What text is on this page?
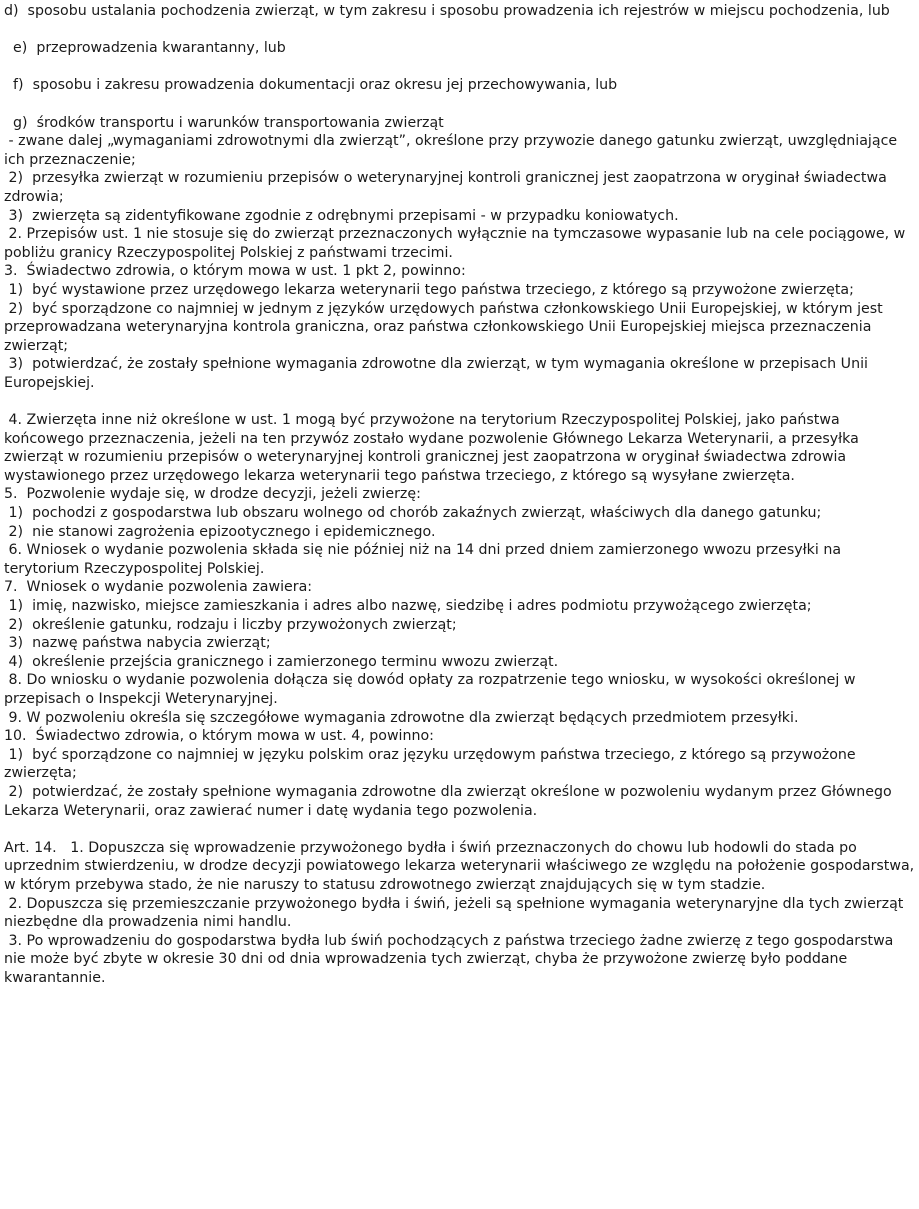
d)  sposobu ustalania pochodzenia zwierząt, w tym zakresu i sposobu prowadzenia ich rejestrów w miejscu pochodzenia, lub
e)  przeprowadzenia kwarantanny, lub
f)  sposobu i zakresu prowadzenia dokumentacji oraz okresu jej przechowywania, lub
g)  środków transportu i warunków transportowania zwierząt
- zwane dalej „wymaganiami zdrowotnymi dla zwierząt”, określone przy przywozie danego gatunku zwierząt, uwzględniające ich przeznaczenie;
2)  przesyłka zwierząt w rozumieniu przepisów o weterynaryjnej kontroli granicznej jest zaopatrzona w oryginał świadectwa zdrowia;
3)  zwierzęta są zidentyfikowane zgodnie z odrębnymi przepisami - w przypadku koniowatych.
2. Przepisów ust. 1 nie stosuje się do zwierząt przeznaczonych wyłącznie na tymczasowe wypasanie lub na cele pociągowe, w pobliżu granicy Rzeczypospolitej Polskiej z państwami trzecimi.
3.  Świadectwo zdrowia, o którym mowa w ust. 1 pkt 2, powinno:
1)  być wystawione przez urzędowego lekarza weterynarii tego państwa trzeciego, z którego są przywożone zwierzęta;
2)  być sporządzone co najmniej w jednym z języków urzędowych państwa członkowskiego Unii Europejskiej, w którym jest przeprowadzana weterynaryjna kontrola graniczna, oraz państwa członkowskiego Unii Europejskiej miejsca przeznaczenia zwierząt;
3)  potwierdzać, że zostały spełnione wymagania zdrowotne dla zwierząt, w tym wymagania określone w przepisach Unii Europejskiej.
4. Zwierzęta inne niż określone w ust. 1 mogą być przywożone na terytorium Rzeczypospolitej Polskiej, jako państwa końcowego przeznaczenia, jeżeli na ten przywóz zostało wydane pozwolenie Głównego Lekarza Weterynarii, a przesyłka zwierząt w rozumieniu przepisów o weterynaryjnej kontroli granicznej jest zaopatrzona w oryginał świadectwa zdrowia wystawionego przez urzędowego lekarza weterynarii tego państwa trzeciego, z którego są wysyłane zwierzęta.
5.  Pozwolenie wydaje się, w drodze decyzji, jeżeli zwierzę:
1)  pochodzi z gospodarstwa lub obszaru wolnego od chorób zakaźnych zwierząt, właściwych dla danego gatunku;
2)  nie stanowi zagrożenia epizootycznego i epidemicznego.
6. Wniosek o wydanie pozwolenia składa się nie później niż na 14 dni przed dniem zamierzonego wwozu przesyłki na terytorium Rzeczypospolitej Polskiej.
7.  Wniosek o wydanie pozwolenia zawiera:
1)  imię, nazwisko, miejsce zamieszkania i adres albo nazwę, siedzibę i adres podmiotu przywożącego zwierzęta;
2)  określenie gatunku, rodzaju i liczby przywożonych zwierząt;
3)  nazwę państwa nabycia zwierząt;
4)  określenie przejścia granicznego i zamierzonego terminu wwozu zwierząt.
8. Do wniosku o wydanie pozwolenia dołącza się dowód opłaty za rozpatrzenie tego wniosku, w wysokości określonej w przepisach o Inspekcji Weterynaryjnej.
9. W pozwoleniu określa się szczegółowe wymagania zdrowotne dla zwierząt będących przedmiotem przesyłki.
10.  Świadectwo zdrowia, o którym mowa w ust. 4, powinno:
1)  być sporządzone co najmniej w języku polskim oraz języku urzędowym państwa trzeciego, z którego są przywożone zwierzęta;
2)  potwierdzać, że zostały spełnione wymagania zdrowotne dla zwierząt określone w pozwoleniu wydanym przez Głównego Lekarza Weterynarii, oraz zawierać numer i datę wydania tego pozwolenia.
Art. 14.   1. Dopuszcza się wprowadzenie przywożonego bydła i świń przeznaczonych do chowu lub hodowli do stada po uprzednim stwierdzeniu, w drodze decyzji powiatowego lekarza weterynarii właściwego ze względu na położenie gospodarstwa, w którym przebywa stado, że nie naruszy to statusu zdrowotnego zwierząt znajdujących się w tym stadzie.
2. Dopuszcza się przemieszczanie przywożonego bydła i świń, jeżeli są spełnione wymagania weterynaryjne dla tych zwierząt niezbędne dla prowadzenia nimi handlu.
3. Po wprowadzeniu do gospodarstwa bydła lub świń pochodzących z państwa trzeciego żadne zwierzę z tego gospodarstwa nie może być zbyte w okresie 30 dni od dnia wprowadzenia tych zwierząt, chyba że przywożone zwierzę było poddane kwarantannie.
